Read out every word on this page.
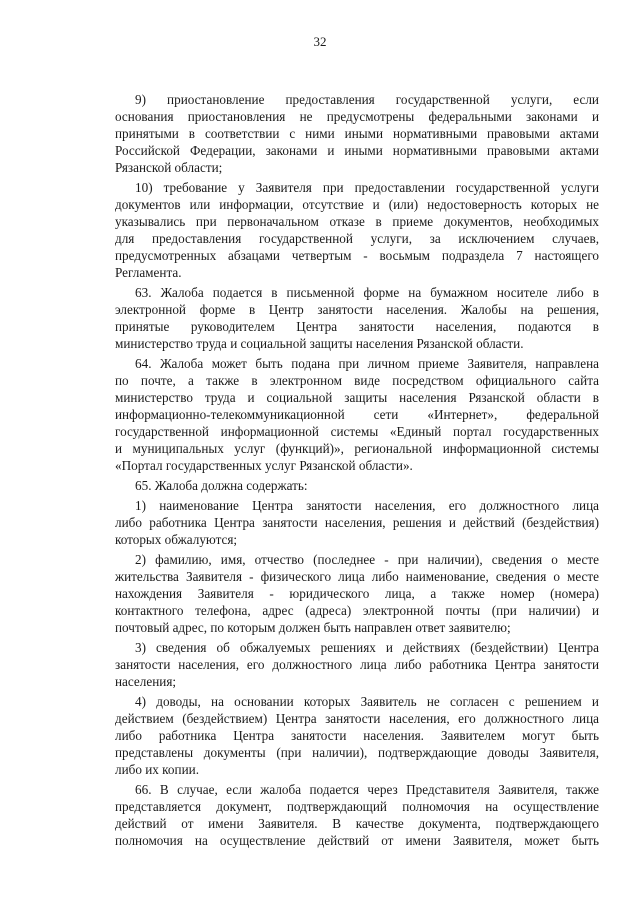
32
9) приостановление предоставления государственной услуги, если
основания приостановления не предусмотрены федеральными законами и
принятыми в соответствии с ними иными нормативными правовыми актами
Российской Федерации, законами и иными нормативными правовыми актами
Рязанской области;
10) требование у Заявителя при предоставлении государственной услуги
документов или информации, отсутствие и (или) недостоверность которых не
указывались при первоначальном отказе в приеме документов, необходимых
для предоставления государственной услуги, за исключением случаев,
предусмотренных абзацами четвертым - восьмым подраздела 7 настоящего
Регламента.
63. Жалоба подается в письменной форме на бумажном носителе либо в
электронной форме в Центр занятости населения. Жалобы на решения,
принятые руководителем Центра занятости населения, подаются в
министерство труда и социальной защиты населения Рязанской области.
64. Жалоба может быть подана при личном приеме Заявителя, направлена
по почте, а также в электронном виде посредством официального сайта
министерство труда и социальной защиты населения Рязанской области в
информационно-телекоммуникационной сети «Интернет», федеральной
государственной информационной системы «Единый портал государственных
и муниципальных услуг (функций)», региональной информационной системы
«Портал государственных услуг Рязанской области».
65. Жалоба должна содержать:
1) наименование Центра занятости населения, его должностного лица
либо работника Центра занятости населения, решения и действий (бездействия)
которых обжалуются;
2) фамилию, имя, отчество (последнее - при наличии), сведения о месте
жительства Заявителя - физического лица либо наименование, сведения о месте
нахождения Заявителя - юридического лица, а также номер (номера)
контактного телефона, адрес (адреса) электронной почты (при наличии) и
почтовый адрес, по которым должен быть направлен ответ заявителю;
3) сведения об обжалуемых решениях и действиях (бездействии) Центра
занятости населения, его должностного лица либо работника Центра занятости
населения;
4) доводы, на основании которых Заявитель не согласен с решением и
действием (бездействием) Центра занятости населения, его должностного лица
либо работника Центра занятости населения. Заявителем могут быть
представлены документы (при наличии), подтверждающие доводы Заявителя,
либо их копии.
66. В случае, если жалоба подается через Представителя Заявителя, также
представляется документ, подтверждающий полномочия на осуществление
действий от имени Заявителя. В качестве документа, подтверждающего
полномочия на осуществление действий от имени Заявителя, может быть
